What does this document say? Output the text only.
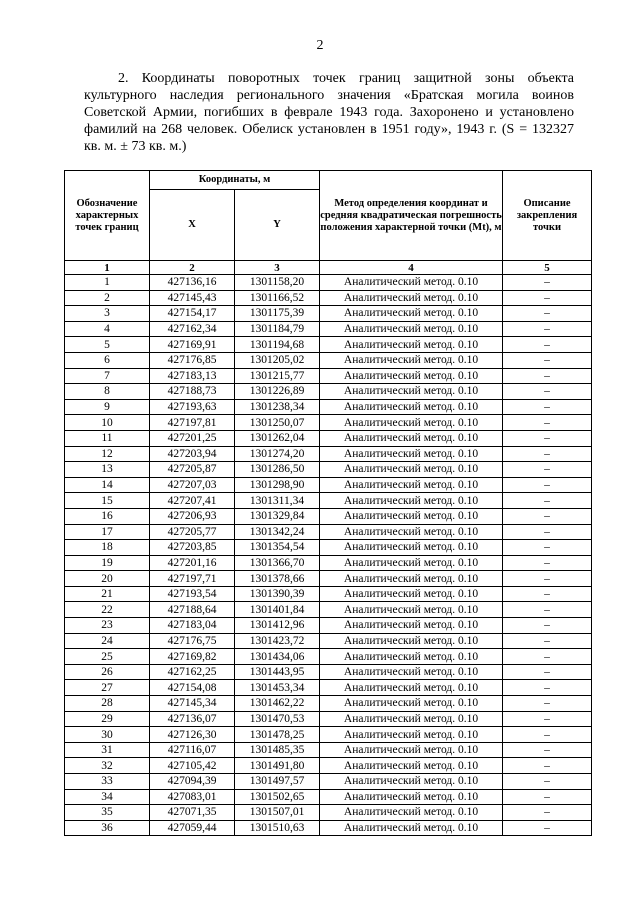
2

2. Координаты поворотных точек границ защитной зоны объекта культурного наследия регионального значения «Братская могила воинов Советской Армии, погибших в феврале 1943 года. Захоронено и установлено фамилий на 268 человек. Обелиск установлен в 1951 году», 1943 г. (S = 132327 кв. м. ± 73 кв. м.)

Обозначение характерных точек границ	Координаты, м		Метод определения координат и средняя квадратическая погрешность положения характерной точки (Мt), м	Описание закрепления точки
	X	Y		
1	2	3	4	5
1	427136,16	1301158,20	Аналитический метод. 0.10	–
2	427145,43	1301166,52	Аналитический метод. 0.10	–
3	427154,17	1301175,39	Аналитический метод. 0.10	–
4	427162,34	1301184,79	Аналитический метод. 0.10	–
5	427169,91	1301194,68	Аналитический метод. 0.10	–
6	427176,85	1301205,02	Аналитический метод. 0.10	–
7	427183,13	1301215,77	Аналитический метод. 0.10	–
8	427188,73	1301226,89	Аналитический метод. 0.10	–
9	427193,63	1301238,34	Аналитический метод. 0.10	–
10	427197,81	1301250,07	Аналитический метод. 0.10	–
11	427201,25	1301262,04	Аналитический метод. 0.10	–
12	427203,94	1301274,20	Аналитический метод. 0.10	–
13	427205,87	1301286,50	Аналитический метод. 0.10	–
14	427207,03	1301298,90	Аналитический метод. 0.10	–
15	427207,41	1301311,34	Аналитический метод. 0.10	–
16	427206,93	1301329,84	Аналитический метод. 0.10	–
17	427205,77	1301342,24	Аналитический метод. 0.10	–
18	427203,85	1301354,54	Аналитический метод. 0.10	–
19	427201,16	1301366,70	Аналитический метод. 0.10	–
20	427197,71	1301378,66	Аналитический метод. 0.10	–
21	427193,54	1301390,39	Аналитический метод. 0.10	–
22	427188,64	1301401,84	Аналитический метод. 0.10	–
23	427183,04	1301412,96	Аналитический метод. 0.10	–
24	427176,75	1301423,72	Аналитический метод. 0.10	–
25	427169,82	1301434,06	Аналитический метод. 0.10	–
26	427162,25	1301443,95	Аналитический метод. 0.10	–
27	427154,08	1301453,34	Аналитический метод. 0.10	–
28	427145,34	1301462,22	Аналитический метод. 0.10	–
29	427136,07	1301470,53	Аналитический метод. 0.10	–
30	427126,30	1301478,25	Аналитический метод. 0.10	–
31	427116,07	1301485,35	Аналитический метод. 0.10	–
32	427105,42	1301491,80	Аналитический метод. 0.10	–
33	427094,39	1301497,57	Аналитический метод. 0.10	–
34	427083,01	1301502,65	Аналитический метод. 0.10	–
35	427071,35	1301507,01	Аналитический метод. 0.10	–
36	427059,44	1301510,63	Аналитический метод. 0.10	–
